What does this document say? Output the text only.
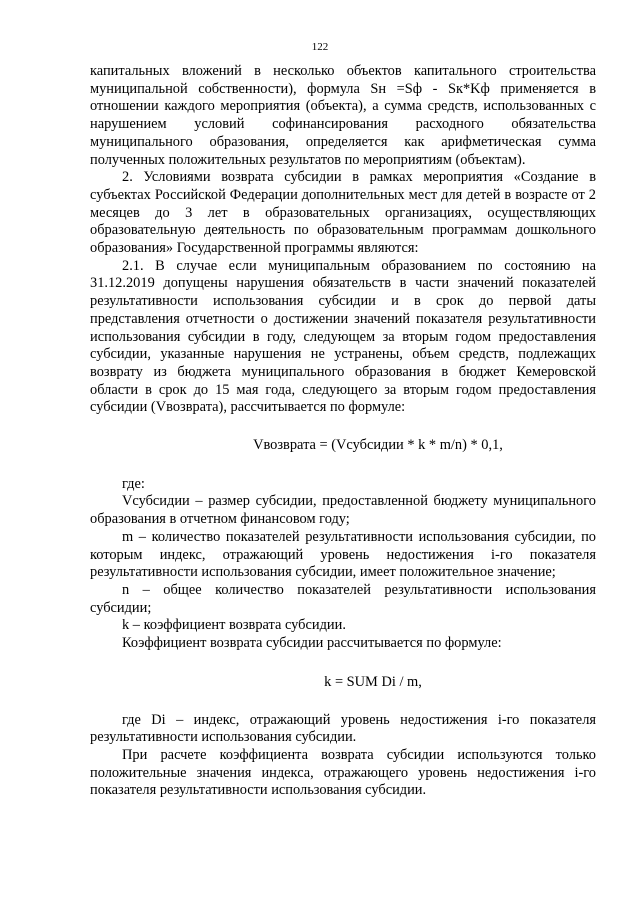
122

капитальных вложений в несколько объектов капитального строительства муниципальной собственности), формула Sн =Sф - Sк*Kф применяется в отношении каждого мероприятия (объекта), а сумма средств, использованных с нарушением условий софинансирования расходного обязательства муниципального образования, определяется как арифметическая сумма полученных положительных результатов по мероприятиям (объектам).

2. Условиями возврата субсидии в рамках мероприятия «Создание в субъектах Российской Федерации дополнительных мест для детей в возрасте от 2 месяцев до 3 лет в образовательных организациях, осуществляющих образовательную деятельность по образовательным программам дошкольного образования» Государственной программы являются:

2.1. В случае если муниципальным образованием по состоянию на 31.12.2019 допущены нарушения обязательств в части значений показателей результативности использования субсидии и в срок до первой даты представления отчетности о достижении значений показателя результативности использования субсидии в году, следующем за вторым годом предоставления субсидии, указанные нарушения не устранены, объем средств, подлежащих возврату из бюджета муниципального образования в бюджет Кемеровской области в срок до 15 мая года, следующего за вторым годом предоставления субсидии (Vвозврата), рассчитывается по формуле:

Vвозврата = (Vсубсидии * k * m/n) * 0,1,

где:

Vсубсидии – размер субсидии, предоставленной бюджету муниципального образования в отчетном финансовом году;

m – количество показателей результативности использования субсидии, по которым индекс, отражающий уровень недостижения i-го показателя результативности использования субсидии, имеет положительное значение;

n – общее количество показателей результативности использования субсидии;

k – коэффициент возврата субсидии.

Коэффициент возврата субсидии рассчитывается по формуле:

k = SUM Di / m,

где Di – индекс, отражающий уровень недостижения i-го показателя результативности использования субсидии.

При расчете коэффициента возврата субсидии используются только положительные значения индекса, отражающего уровень недостижения i-го показателя результативности использования субсидии.
